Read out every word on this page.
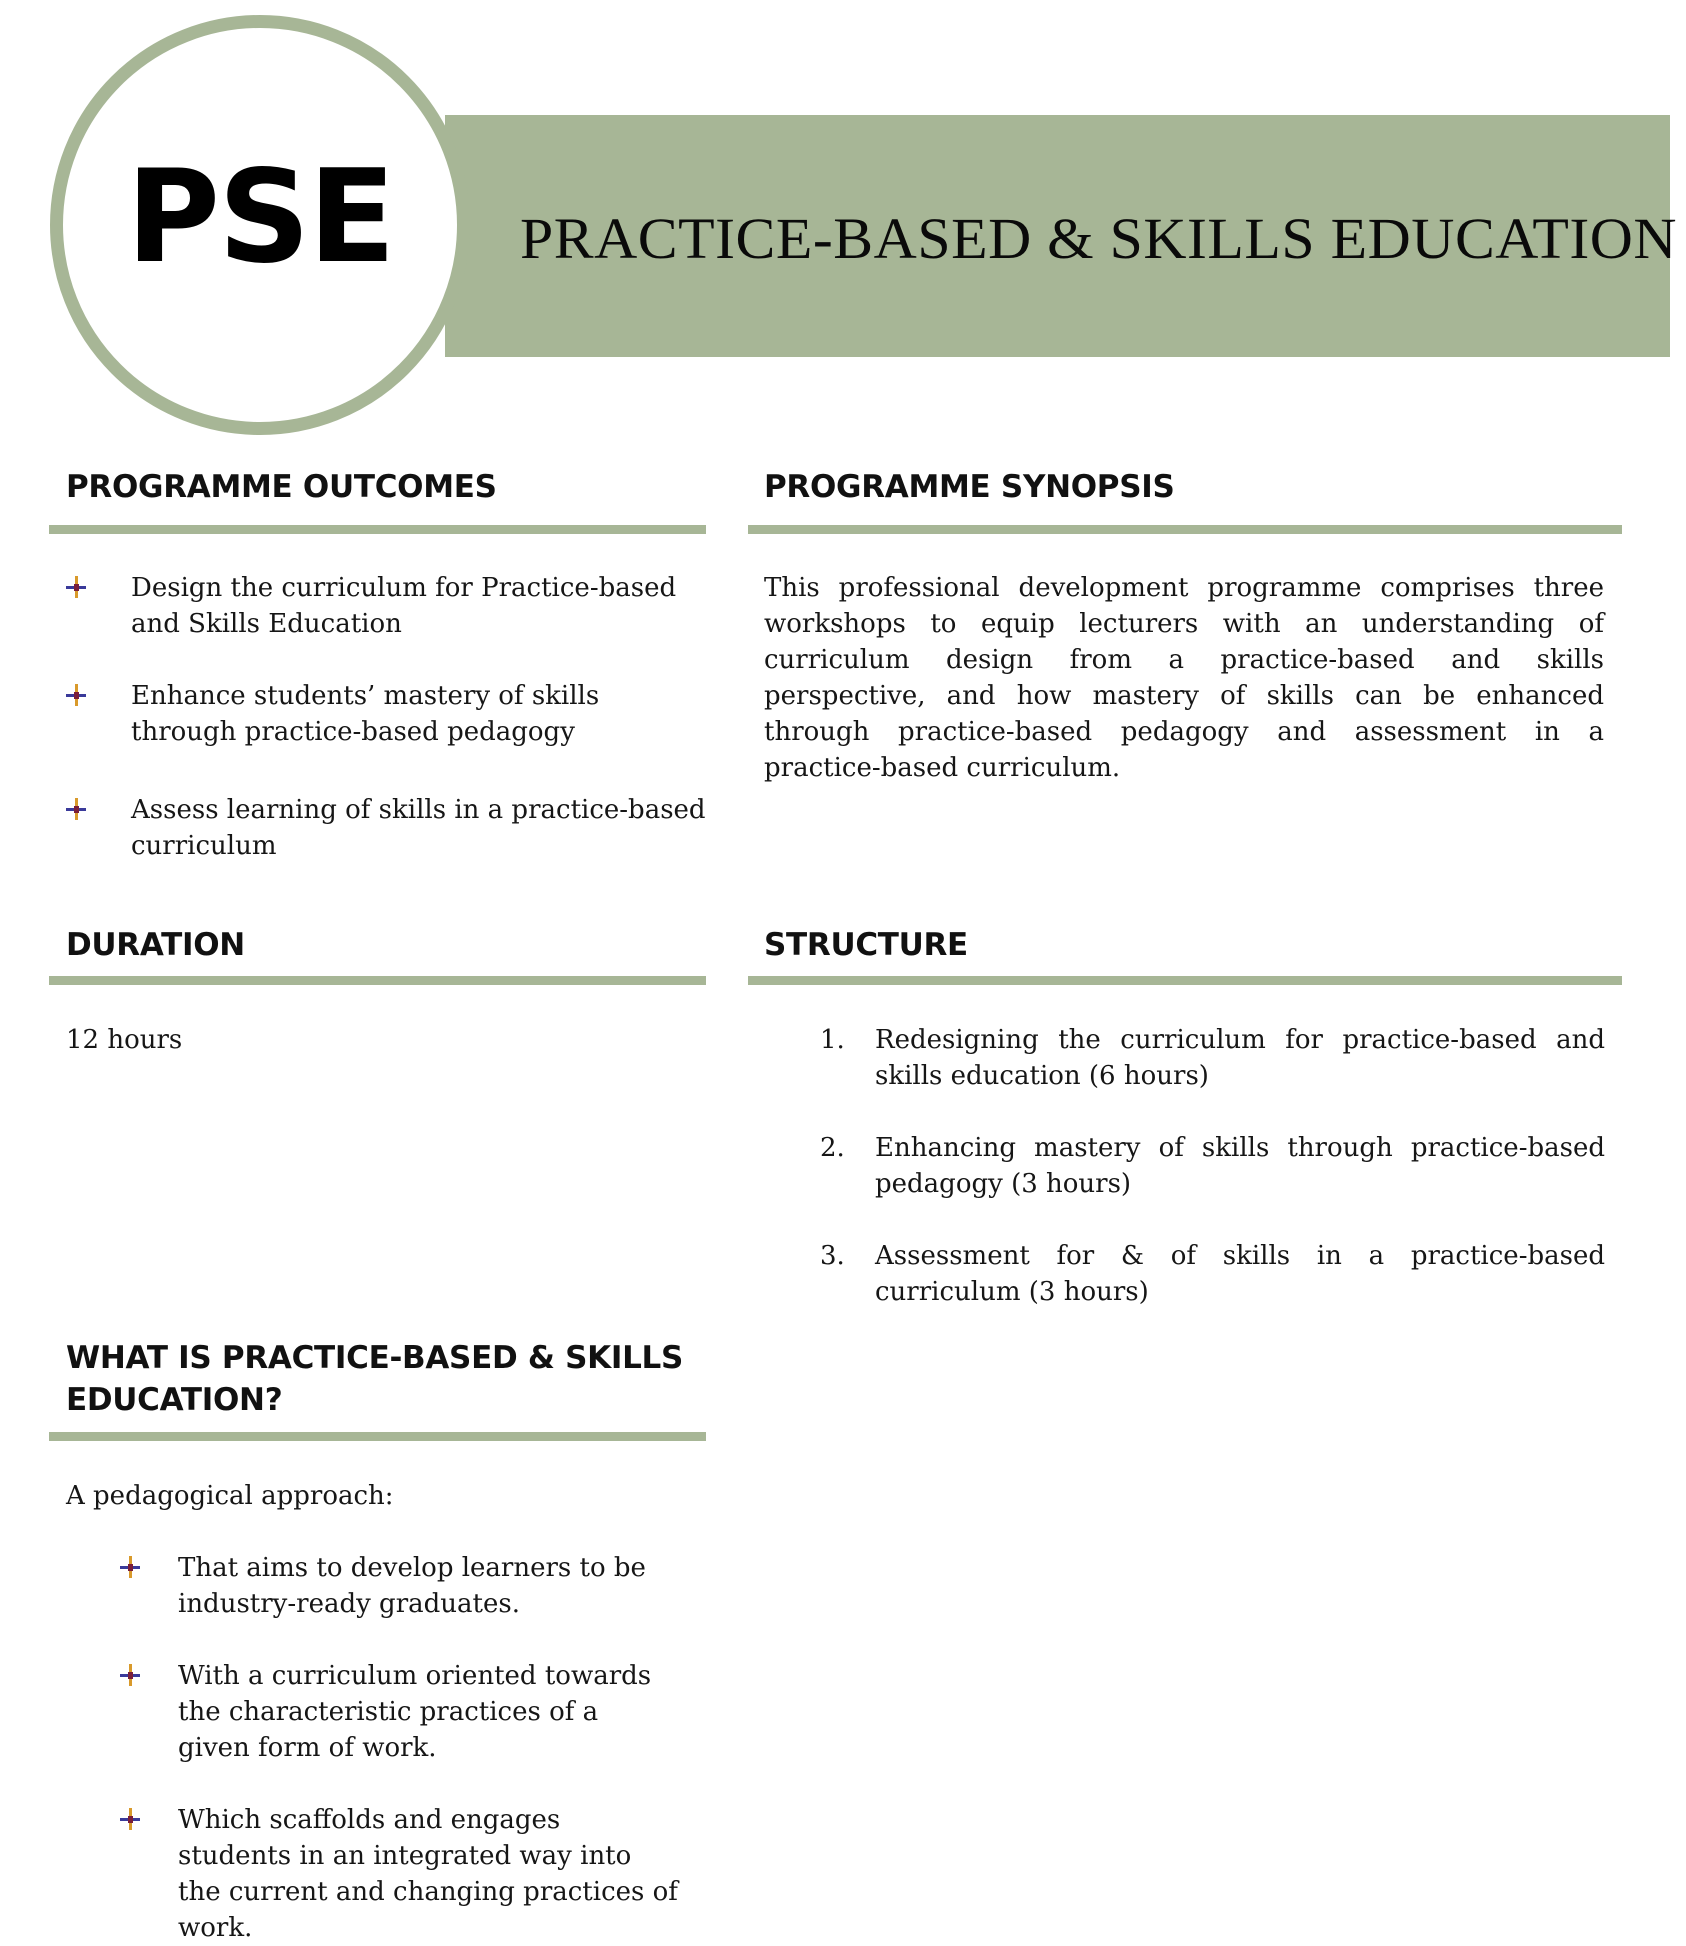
PRACTICE-BASED & SKILLS EDUCATION
PSE
PROGRAMME OUTCOMES
Design the curriculum for Practice-based and Skills Education
Enhance students’ mastery of skills through practice-based pedagogy
Assess learning of skills in a practice-based curriculum
PROGRAMME SYNOPSIS
This professional development programme comprises three workshops to equip lecturers with an understanding of curriculum design from a practice-based and skills perspective, and how mastery of skills can be enhanced through practice-based pedagogy and assessment in a practice-based curriculum.
DURATION
12 hours
STRUCTURE
1. Redesigning the curriculum for practice-based and skills education (6 hours)
2. Enhancing mastery of skills through practice-based pedagogy (3 hours)
3. Assessment for & of skills in a practice-based curriculum (3 hours)
WHAT IS PRACTICE-BASED & SKILLS
EDUCATION?
A pedagogical approach:
That aims to develop learners to be industry-ready graduates.
With a curriculum oriented towards the characteristic practices of a given form of work.
Which scaffolds and engages students in an integrated way into the current and changing practices of work.
